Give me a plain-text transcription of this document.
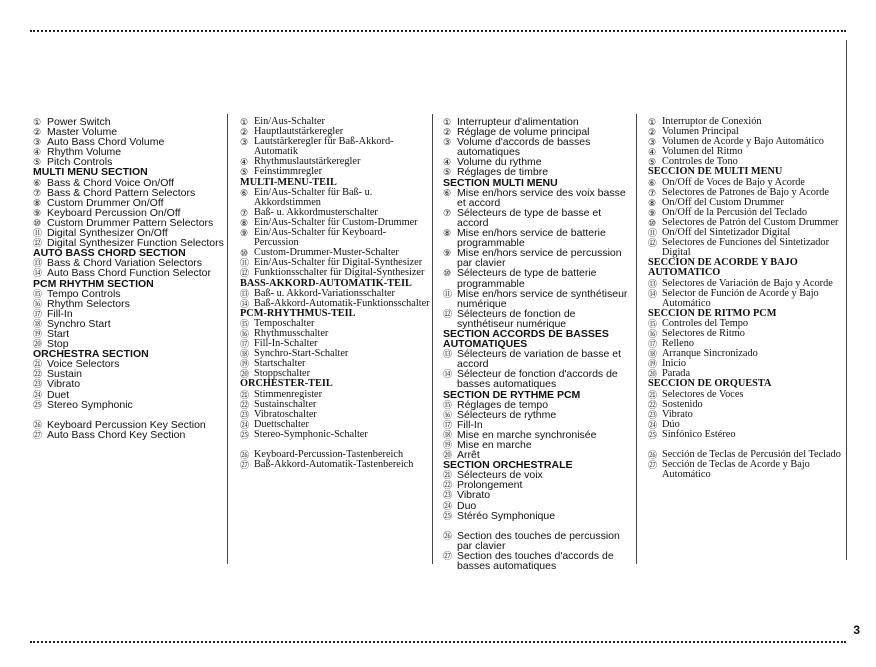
① Power Switch
② Master Volume
③ Auto Bass Chord Volume
④ Rhythm Volume
⑤ Pitch Controls
MULTI MENU SECTION
⑥ Bass & Chord Voice On/Off
⑦ Bass & Chord Pattern Selectors
⑧ Custom Drummer On/Off
⑨ Keyboard Percussion On/Off
⑩ Custom Drummer Pattern Selectors
⑪ Digital Synthesizer On/Off
⑫ Digital Synthesizer Function Selectors
AUTO BASS CHORD SECTION
⑬ Bass & Chord Variation Selectors
⑭ Auto Bass Chord Function Selector
PCM RHYTHM SECTION
⑮ Tempo Controls
⑯ Rhythm Selectors
⑰ Fill-In
⑱ Synchro Start
⑲ Start
⑳ Stop
ORCHESTRA SECTION
㉑ Voice Selectors
㉒ Sustain
㉓ Vibrato
㉔ Duet
㉕ Stereo Symphonic
㉖ Keyboard Percussion Key Section
㉗ Auto Bass Chord Key Section
① Ein/Aus-Schalter
② Hauptlautstärkeregler
③ Lautstärkeregler für Baß-Akkord-Automatik
④ Rhythmuslautstärkeregler
⑤ Feinstimmregler
MULTI-MENU-TEIL
⑥ Ein/Aus-Schalter für Baß- u. Akkordstimmen
⑦ Baß- u. Akkordmusterschalter
⑧ Ein/Aus-Schalter für Custom-Drummer
⑨ Ein/Aus-Schalter für Keyboard-Percussion
⑩ Custom-Drummer-Muster-Schalter
⑪ Ein/Aus-Schalter für Digital-Synthesizer
⑫ Funktionsschalter für Digital-Synthesizer
BASS-AKKORD-AUTOMATIK-TEIL
⑬ Baß- u. Akkord-Variationsschalter
⑭ Baß-Akkord-Automatik-Funktionsschalter
PCM-RHYTHMUS-TEIL
⑮ Temposchalter
⑯ Rhythmusschalter
⑰ Fill-In-Schalter
⑱ Synchro-Start-Schalter
⑲ Startschalter
⑳ Stoppschalter
ORCHESTER-TEIL
㉑ Stimmenregister
㉒ Sustainschalter
㉓ Vibratoschalter
㉔ Duettschalter
㉕ Stereo-Symphonic-Schalter
㉖ Keyboard-Percussion-Tastenbereich
㉗ Baß-Akkord-Automatik-Tastenbereich
① Interrupteur d'alimentation
② Réglage de volume principal
③ Volume d'accords de basses automatiques
④ Volume du rythme
⑤ Réglages de timbre
SECTION MULTI MENU
⑥ Mise en/hors service des voix basse et accord
⑦ Sélecteurs de type de basse et accord
⑧ Mise en/hors service de batterie programmable
⑨ Mise en/hors service de percussion par clavier
⑩ Sélecteurs de type de batterie programmable
⑪ Mise en/hors service de synthétiseur numérique
⑫ Sélecteurs de fonction de synthétiseur numérique
SECTION ACCORDS DE BASSES AUTOMATIQUES
⑬ Sélecteurs de variation de basse et accord
⑭ Sélecteur de fonction d'accords de basses automatiques
SECTION DE RYTHME PCM
⑮ Réglages de tempo
⑯ Sélecteurs de rythme
⑰ Fill-In
⑱ Mise en marche synchronisée
⑲ Mise en marche
⑳ Arrêt
SECTION ORCHESTRALE
㉑ Sélecteurs de voix
㉒ Prolongement
㉓ Vibrato
㉔ Duo
㉕ Stéréo Symphonique
㉖ Section des touches de percussion par clavier
㉗ Section des touches d'accords de basses automatiques
① Interruptor de Conexión
② Volumen Principal
③ Volumen de Acorde y Bajo Automático
④ Volumen del Ritmo
⑤ Controles de Tono
SECCION DE MULTI MENU
⑥ On/Off de Voces de Bajo y Acorde
⑦ Selectores de Patrones de Bajo y Acorde
⑧ On/Off del Custom Drummer
⑨ On/Off de la Percusión del Teclado
⑩ Selectores de Patrón del Custom Drummer
⑪ On/Off del Sintetizador Digital
⑫ Selectores de Funciones del Sintetizador Digital
SECCION DE ACORDE Y BAJO AUTOMATICO
⑬ Selectores de Variación de Bajo y Acorde
⑭ Selector de Función de Acorde y Bajo Automático
SECCION DE RITMO PCM
⑮ Controles del Tempo
⑯ Selectores de Ritmo
⑰ Relleno
⑱ Arranque Sincronizado
⑲ Inicio
⑳ Parada
SECCION DE ORQUESTA
㉑ Selectores de Voces
㉒ Sostenido
㉓ Vibrato
㉔ Dúo
㉕ Sinfónico Estéreo
㉖ Sección de Teclas de Percusión del Teclado
㉗ Sección de Teclas de Acorde y Bajo Automático
3
